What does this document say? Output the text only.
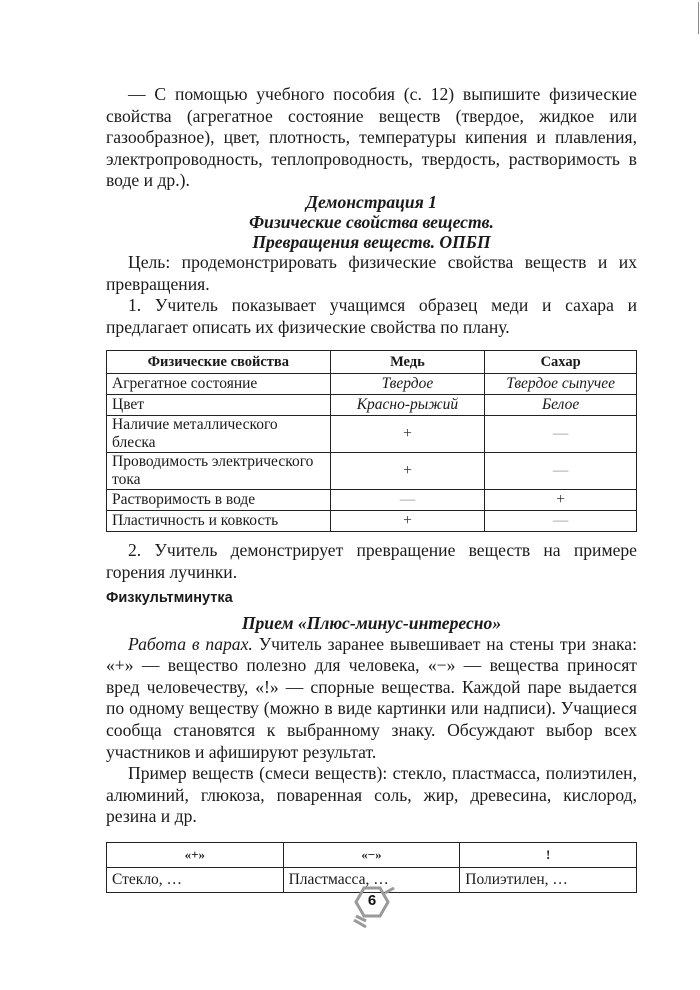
— С помощью учебного пособия (с. 12) выпишите физические свойства (агрегатное состояние веществ (твердое, жидкое или газообразное), цвет, плотность, температуры кипения и плавления, электропроводность, теплопроводность, твердость, растворимость в воде и др.).

Демонстрация 1
Физические свойства веществ.
Превращения веществ. ОПБП

Цель: продемонстрировать физические свойства веществ и их превращения.

1. Учитель показывает учащимся образец меди и сахара и предлагает описать их физические свойства по плану.

Физические свойства	Медь	Сахар
Агрегатное состояние	Твердое	Твердое сыпучее
Цвет	Красно-рыжий	Белое
Наличие металлического блеска	+	—
Проводимость электрического тока	+	—
Растворимость в воде	—	+
Пластичность и ковкость	+	—

2. Учитель демонстрирует превращение веществ на примере горения лучинки.

Физкультминутка
Прием «Плюс-минус-интересно»

Работа в парах. Учитель заранее вывешивает на стены три знака: «+» — вещество полезно для человека, «−» — вещества приносят вред человечеству, «!» — спорные вещества. Каждой паре выдается по одному веществу (можно в виде картинки или надписи). Учащиеся сообща становятся к выбранному знаку. Обсуждают выбор всех участников и афишируют результат.

Пример веществ (смеси веществ): стекло, пластмасса, полиэтилен, алюминий, глюкоза, поваренная соль, жир, древесина, кислород, резина и др.

«+»	«−»	!
Стекло, …	Пластмасса, …	Полиэтилен, …
6
